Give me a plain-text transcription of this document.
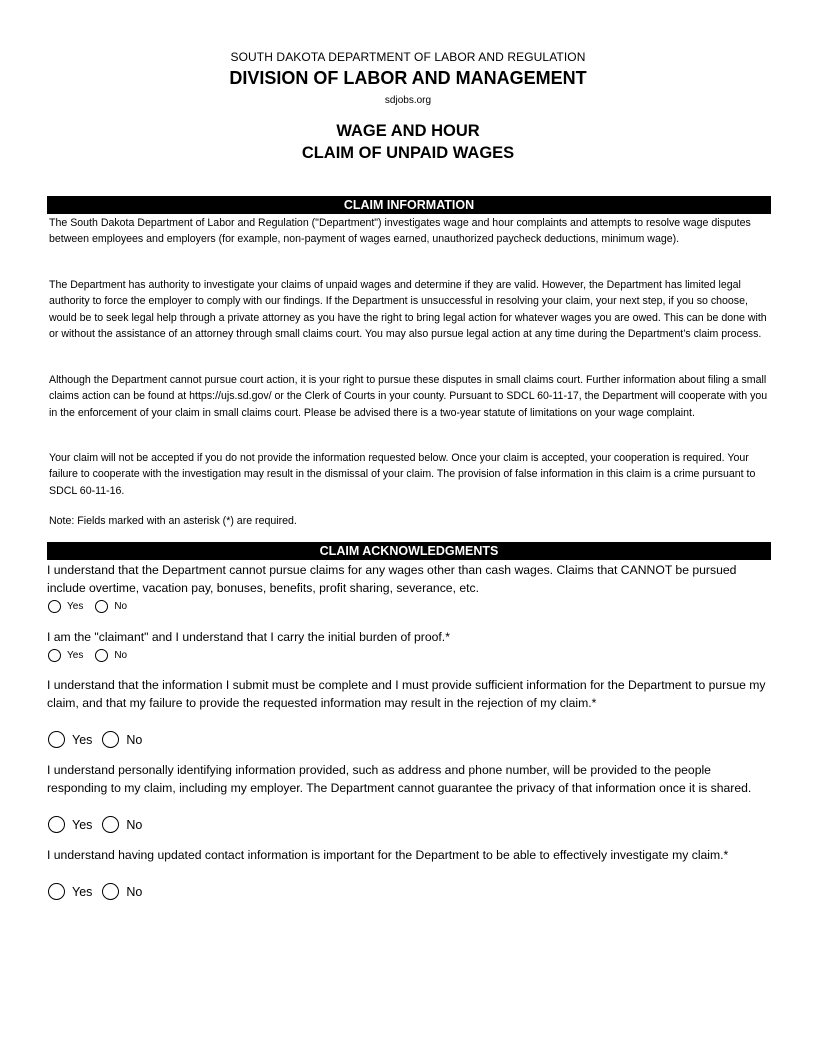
SOUTH DAKOTA DEPARTMENT OF LABOR AND REGULATION
DIVISION OF LABOR AND MANAGEMENT
sdjobs.org
WAGE AND HOUR
CLAIM OF UNPAID WAGES
CLAIM INFORMATION

The South Dakota Department of Labor and Regulation ("Department") investigates wage and hour complaints and attempts to resolve wage disputes between employees and employers (for example, non-payment of wages earned, unauthorized paycheck deductions, minimum wage).

The Department has authority to investigate your claims of unpaid wages and determine if they are valid. However, the Department has limited legal authority to force the employer to comply with our findings. If the Department is unsuccessful in resolving your claim, your next step, if you so choose, would be to seek legal help through a private attorney as you have the right to bring legal action for whatever wages you are owed. This can be done with or without the assistance of an attorney through small claims court. You may also pursue legal action at any time during the Department’s claim process.

Although the Department cannot pursue court action, it is your right to pursue these disputes in small claims court. Further information about filing a small claims action can be found at https://ujs.sd.gov/ or the Clerk of Courts in your county. Pursuant to SDCL 60-11-17, the Department will cooperate with you in the enforcement of your claim in small claims court. Please be advised there is a two-year statute of limitations on your wage complaint.

Your claim will not be accepted if you do not provide the information requested below. Once your claim is accepted, your cooperation is required. Your failure to cooperate with the investigation may result in the dismissal of your claim. The provision of false information in this claim is a crime pursuant to SDCL 60-11-16.

Note: Fields marked with an asterisk (*) are required.

CLAIM ACKNOWLEDGMENTS

I understand that the Department cannot pursue claims for any wages other than cash wages. Claims that CANNOT be pursued include overtime, vacation pay, bonuses, benefits, profit sharing, severance, etc.

Yes	No

I am the "claimant" and I understand that I carry the initial burden of proof.*

Yes	No

I understand that the information I submit must be complete and I must provide sufficient information for the Department to pursue my claim, and that my failure to provide the requested information may result in the rejection of my claim.*

Yes	No

I understand personally identifying information provided, such as address and phone number, will be provided to the people responding to my claim, including my employer. The Department cannot guarantee the privacy of that information once it is shared.

Yes	No

I understand having updated contact information is important for the Department to be able to effectively investigate my claim.*

Yes	No
